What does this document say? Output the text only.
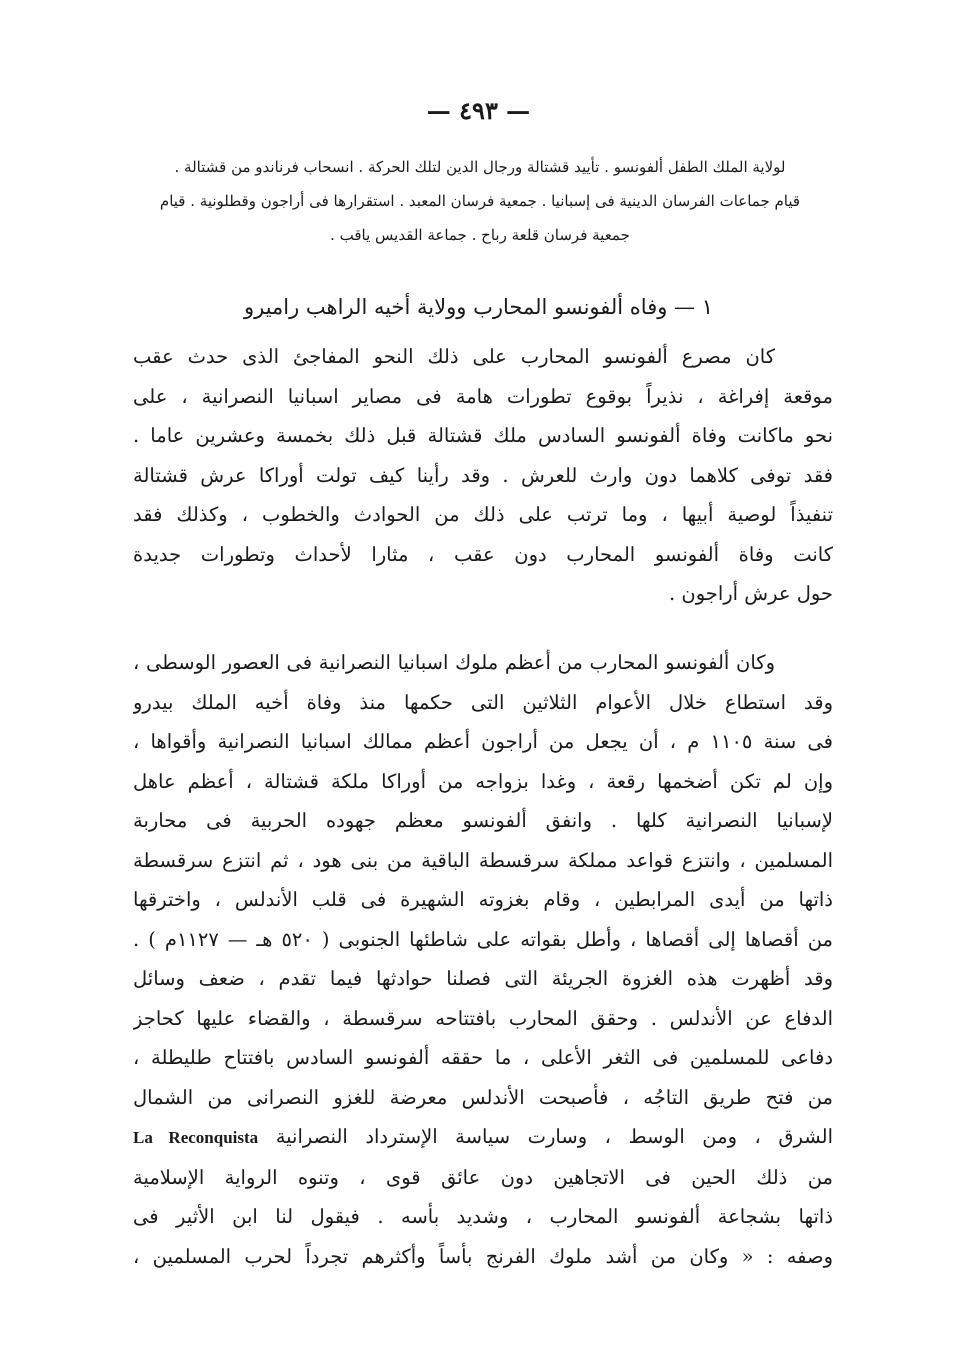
— ٤٩٣ —
لولاية الملك الطفل ألفونسو . تأييد قشتالة ورجال الدين لتلك الحركة . انسحاب فرناندو من قشتالة .
قيام جماعات الفرسان الدينية فى إسبانيا . جمعية فرسان المعبد . استقرارها فى أراجون وقطلونية . قيام
جمعية فرسان قلعة رباح . جماعة القديس ياقب .
١ — وفاه ألفونسو المحارب وولاية أخيه الراهب راميرو
كان مصرع ألفونسو المحارب على ذلك النحو المفاجئ الذى حدث عقب
موقعة إفراغة ، نذيراً بوقوع تطورات هامة فى مصاير اسبانيا النصرانية ، على
نحو ماكانت وفاة ألفونسو السادس ملك قشتالة قبل ذلك بخمسة وعشرين عاما .
فقد توفى كلاهما دون وارث للعرش . وقد رأينا كيف تولت أوراكا عرش قشتالة
تنفيذاً لوصية أبيها ، وما ترتب على ذلك من الحوادث والخطوب ، وكذلك فقد
كانت وفاة ألفونسو المحارب دون عقب ، مثارا لأحداث وتطورات جديدة
حول عرش أراجون .
وكان ألفونسو المحارب من أعظم ملوك اسبانيا النصرانية فى العصور الوسطى ،
وقد استطاع خلال الأعوام الثلاثين التى حكمها منذ وفاة أخيه الملك بيدرو
فى سنة ١١٠٥ م ، أن يجعل من أراجون أعظم ممالك اسبانيا النصرانية وأقواها ،
وإن لم تكن أضخمها رقعة ، وغدا بزواجه من أوراكا ملكة قشتالة ، أعظم عاهل
لإسبانيا النصرانية كلها . وانفق ألفونسو معظم جهوده الحربية فى محاربة
المسلمين ، وانتزع قواعد مملكة سرقسطة الباقية من بنى هود ، ثم انتزع سرقسطة
ذاتها من أيدى المرابطين ، وقام بغزوته الشهيرة فى قلب الأندلس ، واخترقها
من أقصاها إلى أقصاها ، وأطل بقواته على شاطئها الجنوبى ( ٥٢٠ هـ — ١١٢٧م ) .
وقد أظهرت هذه الغزوة الجريئة التى فصلنا حوادثها فيما تقدم ، ضعف وسائل
الدفاع عن الأندلس . وحقق المحارب بافتتاحه سرقسطة ، والقضاء عليها كحاجز
دفاعى للمسلمين فى الثغر الأعلى ، ما حققه ألفونسو السادس بافتتاح طليطلة ،
من فتح طريق التاجُه ، فأصبحت الأندلس معرضة للغزو النصرانى من الشمال
الشرق ، ومن الوسط ، وسارت سياسة الإسترداد النصرانية La Reconquista
من ذلك الحين فى الاتجاهين دون عائق قوى ، وتنوه الرواية الإسلامية
ذاتها بشجاعة ألفونسو المحارب ، وشديد بأسه . فيقول لنا ابن الأثير فى
وصفه : « وكان من أشد ملوك الفرنج بأساً وأكثرهم تجرداً لحرب المسلمين ،
